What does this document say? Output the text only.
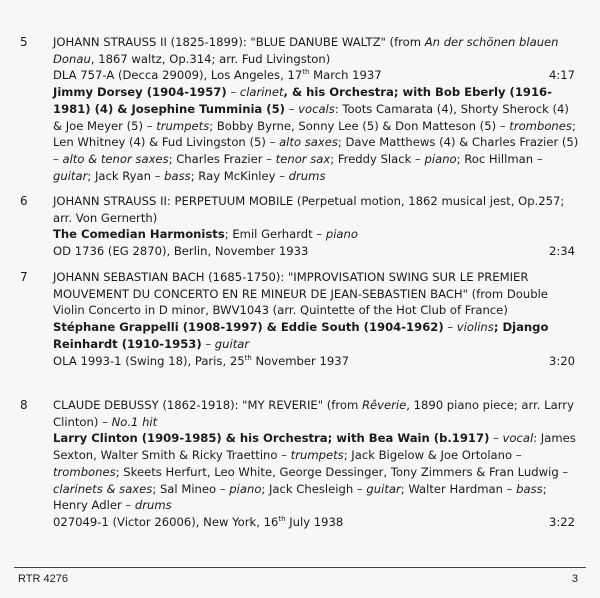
5 JOHANN STRAUSS II (1825-1899): "BLUE DANUBE WALTZ" (from An der schönen blauen Donau, 1867 waltz, Op.314; arr. Fud Livingston)

DLA 757-A (Decca 29009), Los Angeles, 17th March 1937	4:17

Jimmy Dorsey (1904-1957) – clarinet, & his Orchestra; with Bob Eberly (1916-1981) (4) & Josephine Tumminia (5) – vocals: Toots Camarata (4), Shorty Sherock (4) & Joe Meyer (5) – trumpets; Bobby Byrne, Sonny Lee (5) & Don Matteson (5) – trombones; Len Whitney (4) & Fud Livingston (5) – alto saxes; Dave Matthews (4) & Charles Frazier (5) – alto & tenor saxes; Charles Frazier – tenor sax; Freddy Slack – piano; Roc Hillman – guitar; Jack Ryan – bass; Ray McKinley – drums

6 JOHANN STRAUSS II: PERPETUUM MOBILE (Perpetual motion, 1862 musical jest, Op.257; arr. Von Gernerth)

The Comedian Harmonists; Emil Gerhardt – piano

OD 1736 (EG 2870), Berlin, November 1933	2:34

7 JOHANN SEBASTIAN BACH (1685-1750): "IMPROVISATION SWING SUR LE PREMIER MOUVEMENT DU CONCERTO EN RE MINEUR DE JEAN-SEBASTIEN BACH" (from Double Violin Concerto in D minor, BWV1043 (arr. Quintette of the Hot Club of France)

Stéphane Grappelli (1908-1997) & Eddie South (1904-1962) – violins; Django Reinhardt (1910-1953) – guitar

OLA 1993-1 (Swing 18), Paris, 25th November 1937	3:20

8 CLAUDE DEBUSSY (1862-1918): "MY REVERIE" (from Rêverie, 1890 piano piece; arr. Larry Clinton) – No.1 hit

Larry Clinton (1909-1985) & his Orchestra; with Bea Wain (b.1917) – vocal: James Sexton, Walter Smith & Ricky Traettino – trumpets; Jack Bigelow & Joe Ortolano – trombones; Skeets Herfurt, Leo White, George Dessinger, Tony Zimmers & Fran Ludwig – clarinets & saxes; Sal Mineo – piano; Jack Chesleigh – guitar; Walter Hardman – bass; Henry Adler – drums

027049-1 (Victor 26006), New York, 16th July 1938	3:22

RTR 4276	3
